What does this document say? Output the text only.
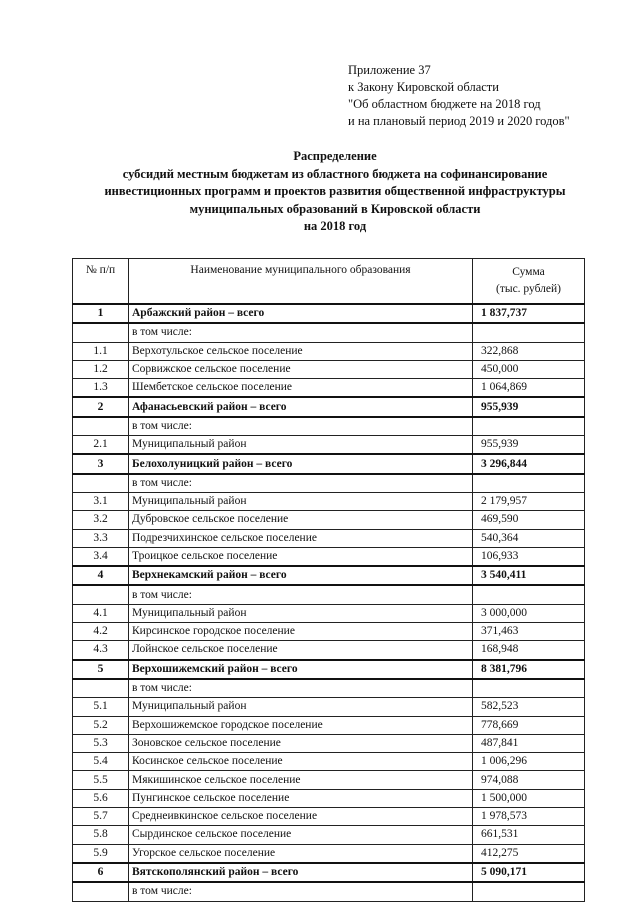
Приложение 37
к Закону Кировской области
"Об областном бюджете на 2018 год
и на плановый период 2019 и 2020 годов"
Распределение
субсидий местным бюджетам из областного бюджета на софинансирование
инвестиционных программ и проектов развития общественной инфраструктуры
муниципальных образований в Кировской области
на 2018 год
№ п/п	Наименование муниципального образования	Сумма
(тыс. рублей)

1	Арбажский район – всего	1 837,737
	в том числе:	
1.1	Верхотульское сельское поселение	322,868
1.2	Сорвижское сельское поселение	450,000
1.3	Шембетское сельское поселение	1 064,869
2	Афанасьевский район – всего	955,939
	в том числе:	
2.1	Муниципальный район	955,939
3	Белохолуницкий район – всего	3 296,844
	в том числе:	
3.1	Муниципальный район	2 179,957
3.2	Дубровское сельское поселение	469,590
3.3	Подрезчихинское сельское поселение	540,364
3.4	Троицкое сельское поселение	106,933
4	Верхнекамский район – всего	3 540,411
	в том числе:	
4.1	Муниципальный район	3 000,000
4.2	Кирсинское городское поселение	371,463
4.3	Лойнское сельское поселение	168,948
5	Верхошижемский район – всего	8 381,796
	в том числе:	
5.1	Муниципальный район	582,523
5.2	Верхошижемское городское поселение	778,669
5.3	Зоновское сельское поселение	487,841
5.4	Косинское сельское поселение	1 006,296
5.5	Мякишинское сельское поселение	974,088
5.6	Пунгинское сельское поселение	1 500,000
5.7	Среднеивкинское сельское поселение	1 978,573
5.8	Сырдинское сельское поселение	661,531
5.9	Угорское сельское поселение	412,275
6	Вятскополянский район – всего	5 090,171
	в том числе:	
